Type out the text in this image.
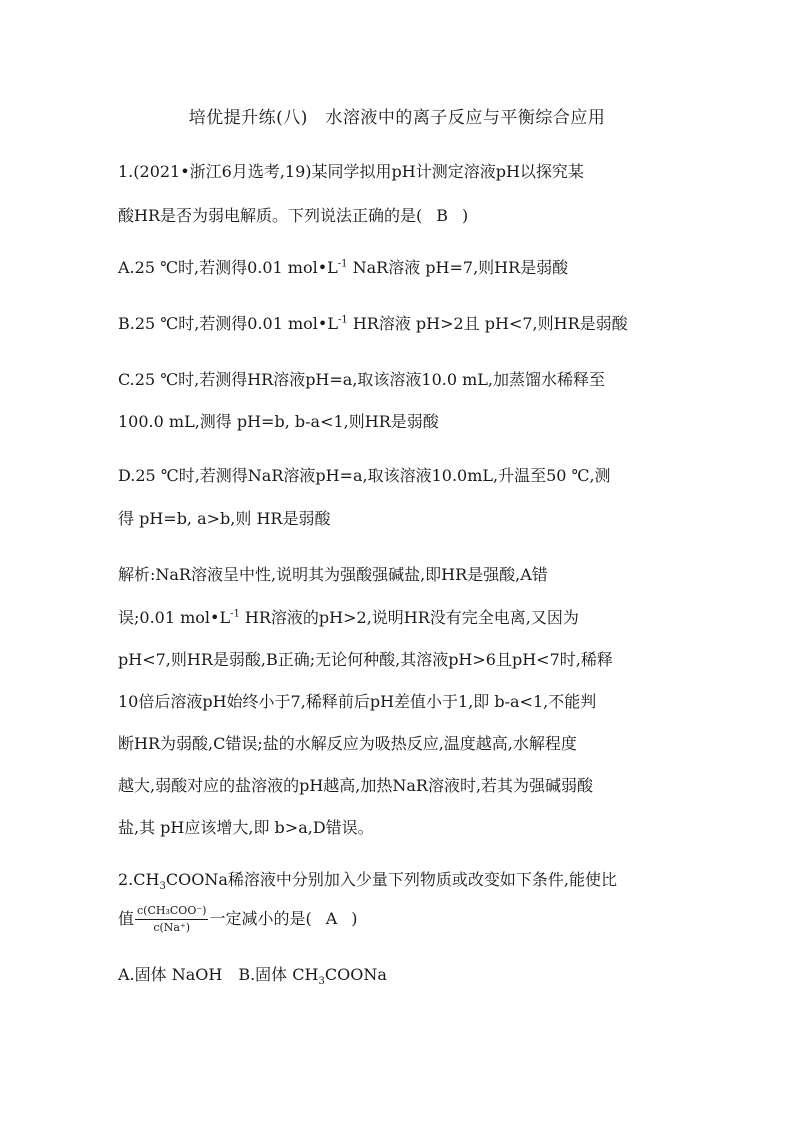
培优提升练(八)　水溶液中的离子反应与平衡综合应用
1.(2021•浙江6月选考,19)某同学拟用pH计测定溶液pH以探究某
酸HR是否为弱电解质。下列说法正确的是( B )
A.25 ℃时,若测得0.01 $mol•L^{-1}$ NaR溶液 pH=7,则HR是弱酸
B.25 ℃时,若测得0.01 $mol•L^{-1}$ HR溶液 pH>2且 pH<7,则HR是弱酸
C.25 ℃时,若测得HR溶液pH=a,取该溶液10.0 mL,加蒸馏水稀释至
100.0 mL,测得 pH=b, b-a<1,则HR是弱酸
D.25 ℃时,若测得NaR溶液pH=a,取该溶液10.0mL,升温至50 ℃,测
得 pH=b, a>b,则 HR是弱酸
解析:NaR溶液呈中性,说明其为强酸强碱盐,即HR是强酸,A错
误;0.01 $mol•L^{-1}$ HR溶液的pH>2,说明HR没有完全电离,又因为
pH<7,则HR是弱酸,B正确;无论何种酸,其溶液pH>6且pH<7时,稀释
10倍后溶液pH始终小于7,稀释前后pH差值小于1,即 b-a<1,不能判
断HR为弱酸,C错误;盐的水解反应为吸热反应,温度越高,水解程度
越大,弱酸对应的盐溶液的pH越高,加热NaR溶液时,若其为强碱弱酸
盐,其 pH应该增大,即 b>a,D错误。
$2.CH_3COONa$稀溶液中分别加入少量下列物质或改变如下条件,能使比
值 $\frac{\text{c(CH₃COO⁻)}}{c(Na^+)}$ 一定减小的是( A )
A.固体 NaOH　B.固体 $CH_3COONa$
